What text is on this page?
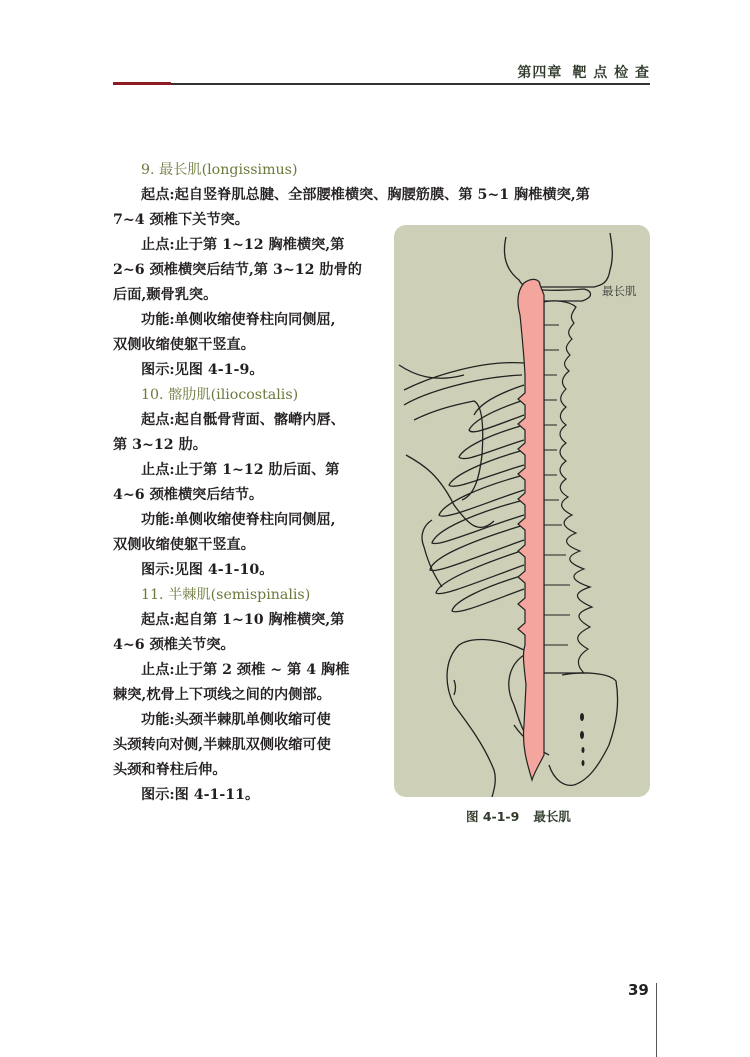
第四章 靶 点 检 查
9. 最长肌(longissimus)
起点:起自竖脊肌总腱、全部腰椎横突、胸腰筋膜、第 5~1 胸椎横突,第
7~4 颈椎下关节突。
止点:止于第 1~12 胸椎横突,第
2~6 颈椎横突后结节,第 3~12 肋骨的
后面,颞骨乳突。
功能:单侧收缩使脊柱向同侧屈,
双侧收缩使躯干竖直。
图示:见图 4-1-9。
10. 髂肋肌(iliocostalis)
起点:起自骶骨背面、髂嵴内唇、
第 3~12 肋。
止点:止于第 1~12 肋后面、第
4~6 颈椎横突后结节。
功能:单侧收缩使脊柱向同侧屈,
双侧收缩使躯干竖直。
图示:见图 4-1-10。
11. 半棘肌(semispinalis)
起点:起自第 1~10 胸椎横突,第
4~6 颈椎关节突。
止点:止于第 2 颈椎 ~ 第 4 胸椎
棘突,枕骨上下项线之间的内侧部。
功能:头颈半棘肌单侧收缩可使
头颈转向对侧,半棘肌双侧收缩可使
头颈和脊柱后伸。
图示:图 4-1-11。
最长肌
图 4-1-9 最长肌
39
